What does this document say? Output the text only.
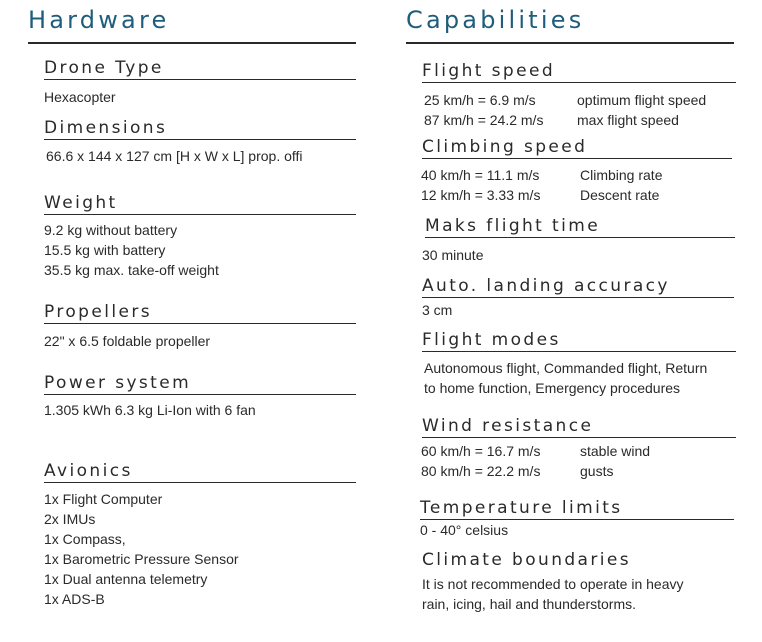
Hardware
Drone Type
Hexacopter
Dimensions
66.6 x 144 x 127 cm [H x W x L] prop. offi
Weight
9.2 kg without battery
15.5 kg with battery
35.5 kg max. take-off weight
Propellers
22" x 6.5 foldable propeller
Power system
1.305 kWh 6.3 kg Li-Ion with 6 fan
Avionics
1x Flight Computer
2x IMUs
1x Compass,
1x Barometric Pressure Sensor
1x Dual antenna telemetry
1x ADS-B
Capabilities
Flight speed
25 km/h = 6.9 m/s	optimum flight speed
87 km/h = 24.2 m/s max flight speed
Climbing speed
40 km/h = 11.1 m/s	Climbing rate
12 km/h = 3.33 m/s	Descent rate
Maks flight time
30 minute
Auto. landing accuracy
3 cm
Flight modes
Autonomous flight, Commanded flight, Return
to home function, Emergency procedures
Wind resistance
60 km/h = 16.7 m/s	stable wind
80 km/h = 22.2 m/s	gusts
Temperature limits
0 - 40° celsius
Climate boundaries
It is not recommended to operate in heavy
rain, icing, hail and thunderstorms.
